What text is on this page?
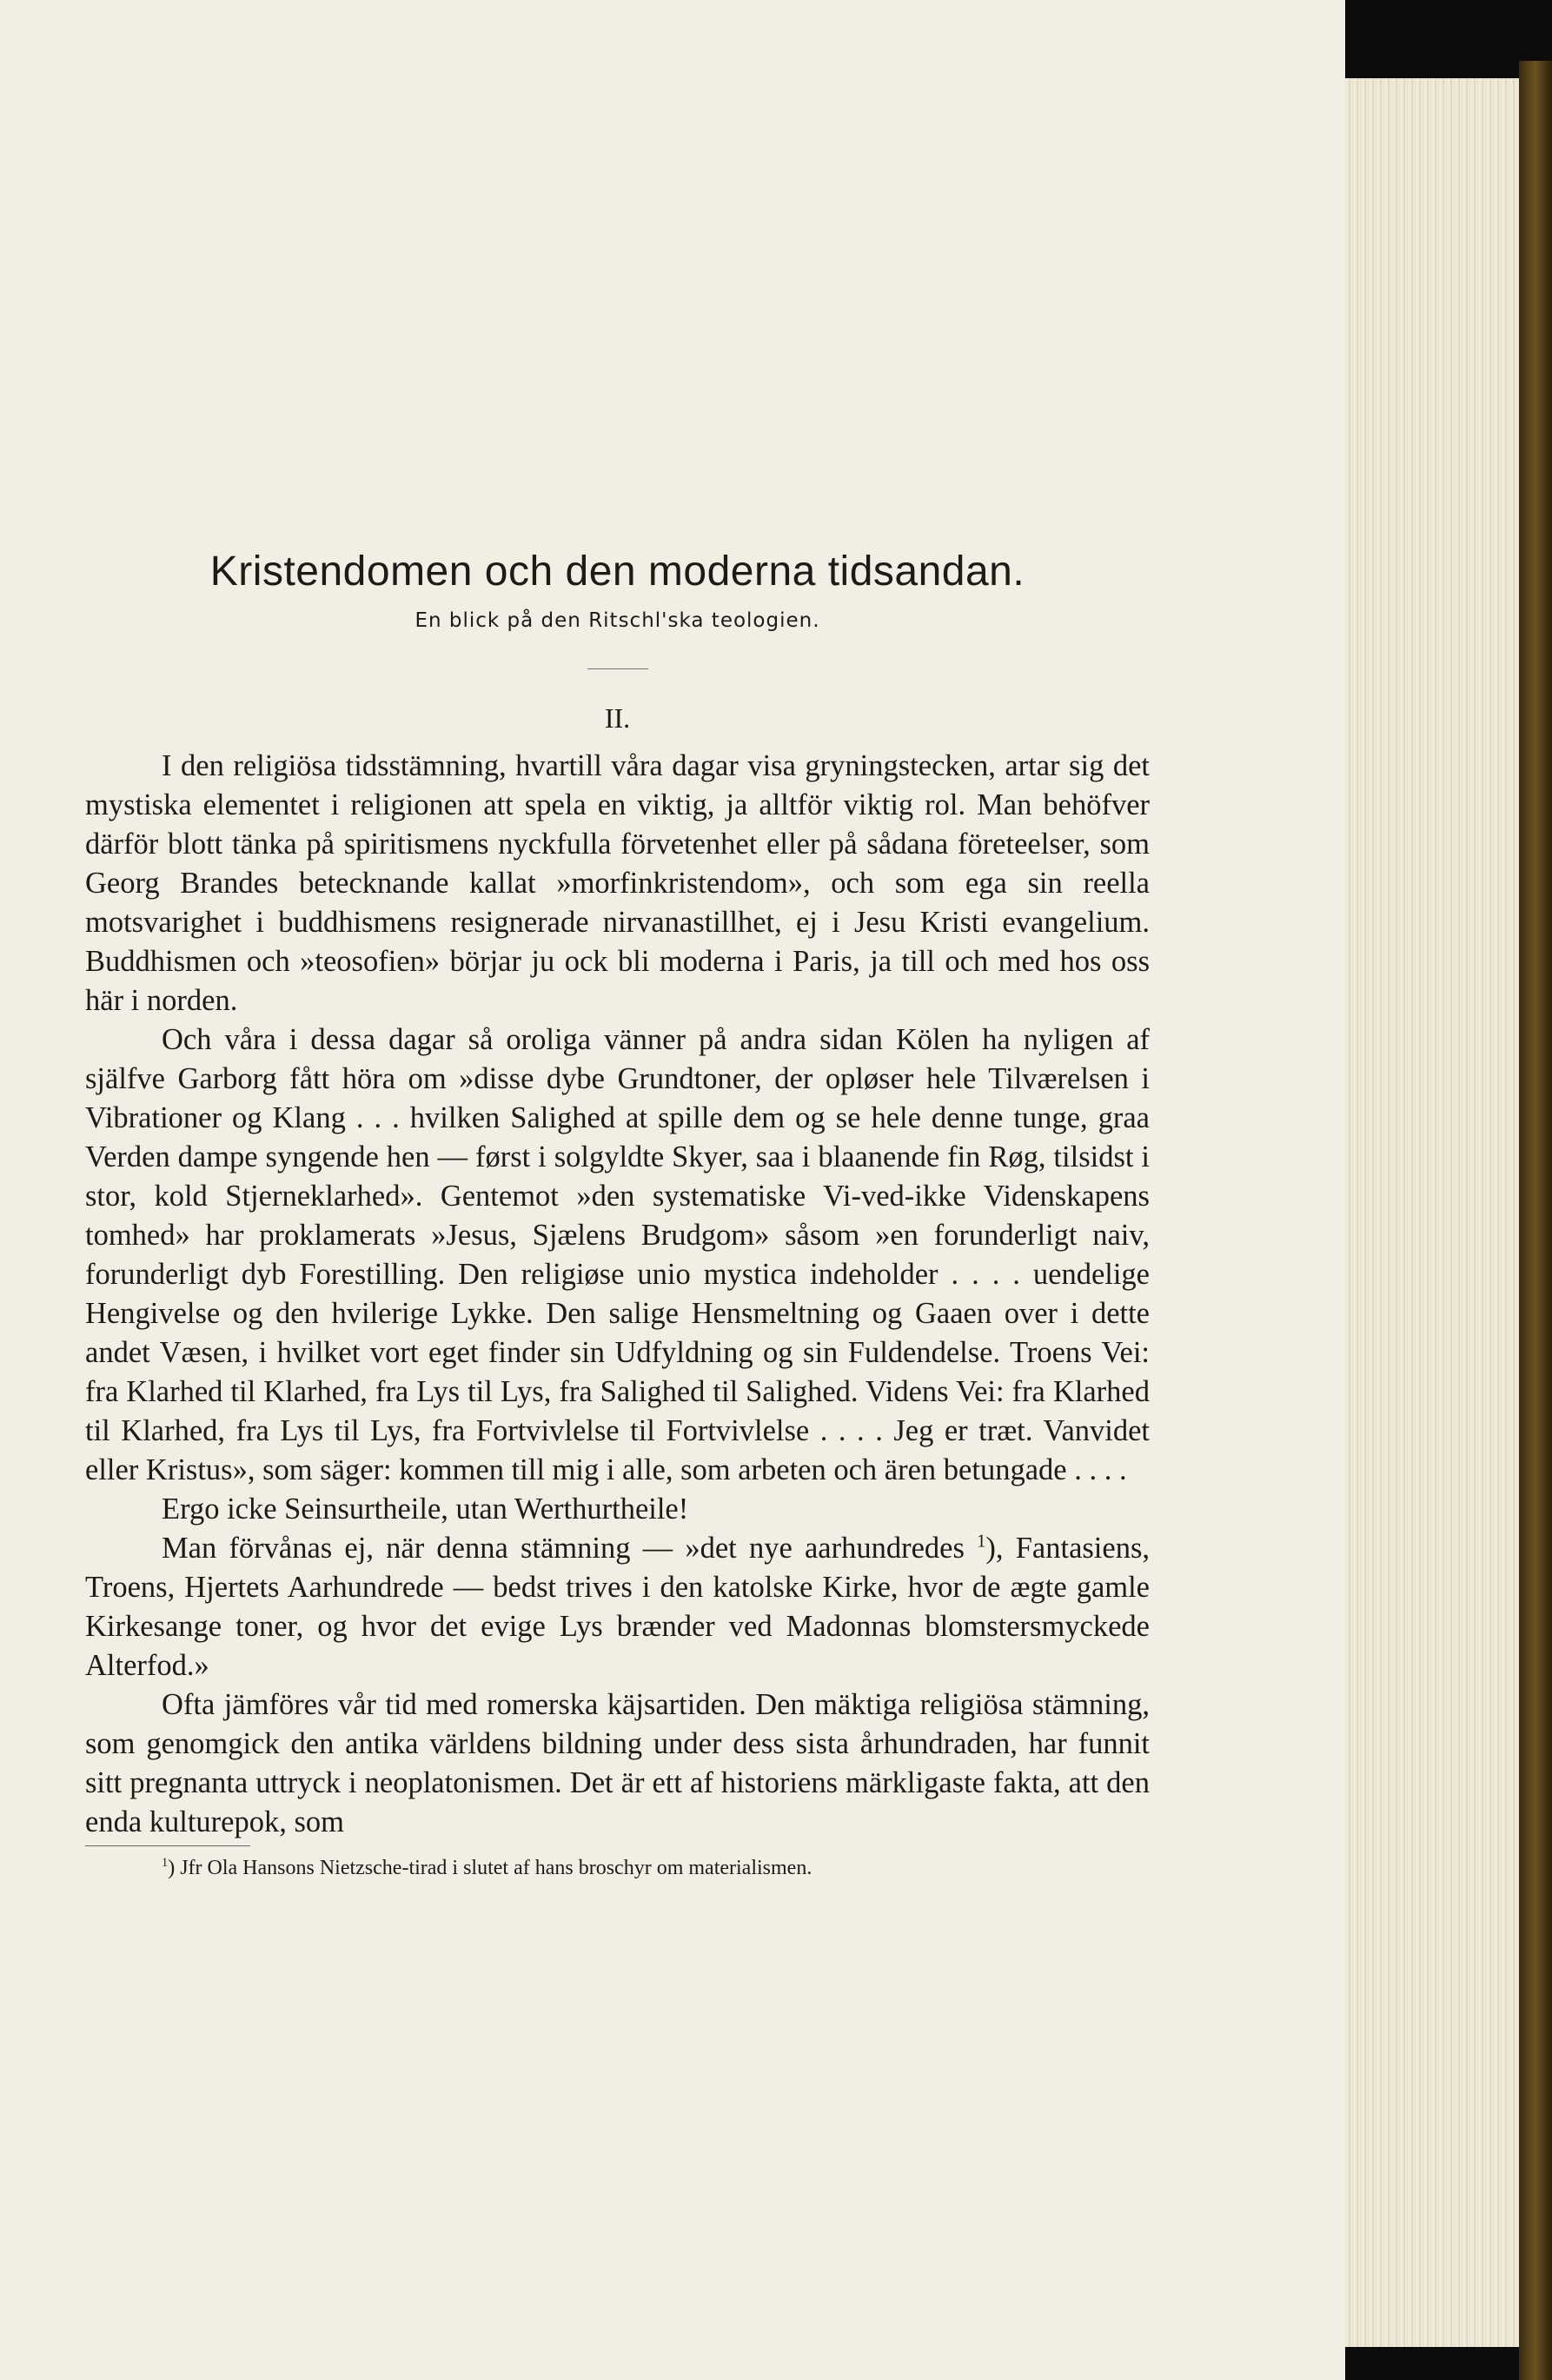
Kristendomen och den moderna tidsandan.
En blick på den Ritschl'ska teologien.
II.

I den religiösa tidsstämning, hvartill våra dagar visa gryningstecken, artar sig det mystiska elementet i religionen att spela en viktig, ja alltför viktig rol. Man behöfver därför blott tänka på spiritismens nyckfulla förvetenhet eller på sådana företeelser, som Georg Brandes betecknande kallat »morfinkristendom», och som ega sin reella motsvarighet i buddhismens resignerade nirvanastillhet, ej i Jesu Kristi evangelium. Buddhismen och »teosofien» börjar ju ock bli moderna i Paris, ja till och med hos oss här i norden.

Och våra i dessa dagar så oroliga vänner på andra sidan Kölen ha nyligen af själfve Garborg fått höra om »disse dybe Grundtoner, der opløser hele Tilværelsen i Vibrationer og Klang . . . hvilken Salighed at spille dem og se hele denne tunge, graa Verden dampe syngende hen — først i solgyldte Skyer, saa i blaanende fin Røg, tilsidst i stor, kold Stjerneklarhed». Gentemot »den systematiske Vi-ved-ikke Videnskapens tomhed» har proklamerats »Jesus, Sjælens Brudgom» såsom »en forunderligt naiv, forunderligt dyb Forestilling. Den religiøse unio mystica indeholder . . . . uendelige Hengivelse og den hvilerige Lykke. Den salige Hensmeltning og Gaaen over i dette andet Væsen, i hvilket vort eget finder sin Udfyldning og sin Fuldendelse. Troens Vei: fra Klarhed til Klarhed, fra Lys til Lys, fra Salighed til Salighed. Videns Vei: fra Klarhed til Klarhed, fra Lys til Lys, fra Fortvivlelse til Fortvivlelse . . . . Jeg er træt. Vanvidet eller Kristus», som säger: kommen till mig i alle, som arbeten och ären betungade . . . .

Ergo icke Seinsurtheile, utan Werthurtheile!

Man förvånas ej, när denna stämning — »det nye aarhundredes $^1$), Fantasiens, Troens, Hjertets Aarhundrede — bedst trives i den katolske Kirke, hvor de ægte gamle Kirkesange toner, og hvor det evige Lys brænder ved Madonnas blomstersmyckede Alterfod.»

Ofta jämföres vår tid med romerska käjsartiden. Den mäktiga religiösa stämning, som genomgick den antika världens bildning under dess sista århundraden, har funnit sitt pregnanta uttryck i neoplatonismen. Det är ett af historiens märkligaste fakta, att den enda kulturepok, som

$^1$) Jfr Ola Hansons Nietzsche-tirad i slutet af hans broschyr om materialismen.
